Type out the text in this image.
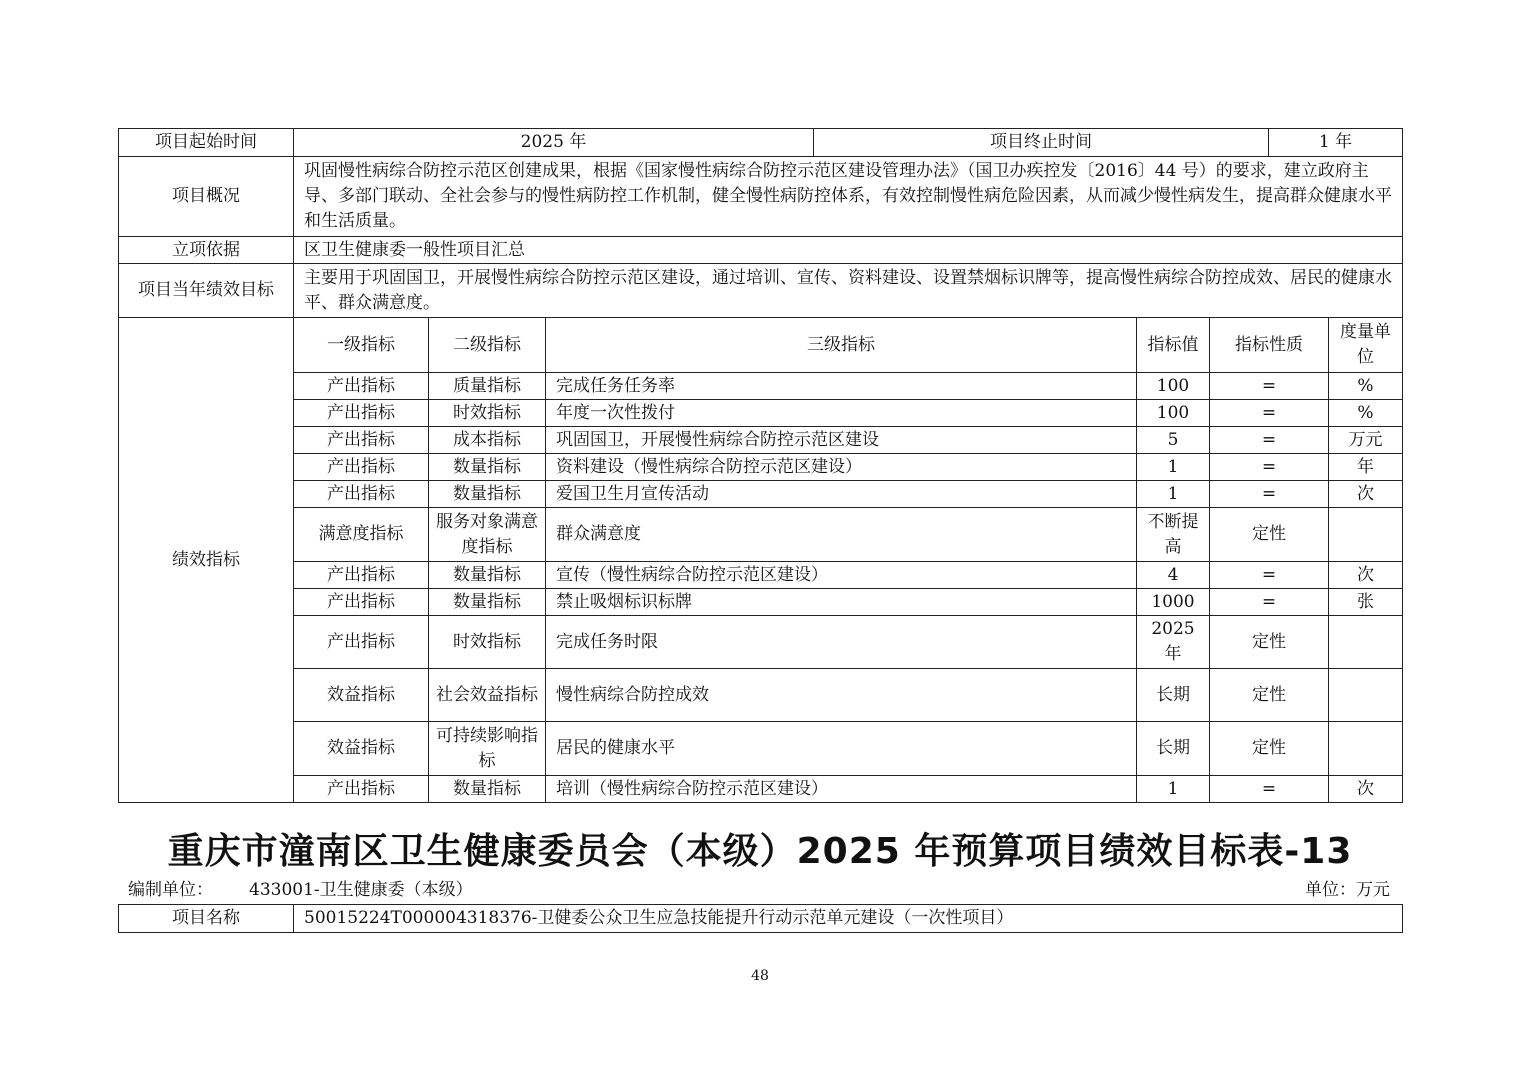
项目起始时间	2025 年			项目终止时间			1 年	
项目概况	巩固慢性病综合防控示范区创建成果，根据《国家慢性病综合防控示范区建设管理办法》（国卫办疾控发〔2016〕44 号）的要求，建立政府主导、多部门联动、全社会参与的慢性病防控工作机制，健全慢性病防控体系，有效控制慢性病危险因素，从而减少慢性病发生，提高群众健康水平和生活质量。							
立项依据	区卫生健康委一般性项目汇总							
项目当年绩效目标	主要用于巩固国卫，开展慢性病综合防控示范区建设，通过培训、宣传、资料建设、设置禁烟标识牌等，提高慢性病综合防控成效、居民的健康水平、群众满意度。							
绩效指标	一级指标	二级指标	三级指标		指标值	指标性质		度量单位
	产出指标	质量指标	完成任务任务率		100	=		%
	产出指标	时效指标	年度一次性拨付		100	=		%
	产出指标	成本指标	巩固国卫，开展慢性病综合防控示范区建设		5	=		万元
	产出指标	数量指标	资料建设（慢性病综合防控示范区建设）		1	=		年
	产出指标	数量指标	爱国卫生月宣传活动		1	=		次
	满意度指标	服务对象满意度指标	群众满意度		不断提高	定性		
	产出指标	数量指标	宣传（慢性病综合防控示范区建设）		4	=		次
	产出指标	数量指标	禁止吸烟标识标牌		1000	=		张
	产出指标	时效指标	完成任务时限		2025 年	定性		
	效益指标	社会效益指标	慢性病综合防控成效		长期	定性		
	效益指标	可持续影响指标	居民的健康水平		长期	定性		
	产出指标	数量指标	培训（慢性病综合防控示范区建设）		1	=		次
重庆市潼南区卫生健康委员会（本级）2025 年预算项目绩效目标表-13
编制单位： 433001-卫生健康委（本级）	单位：万元
项目名称	50015224T000004318376-卫健委公众卫生应急技能提升行动示范单元建设（一次性项目）
48
